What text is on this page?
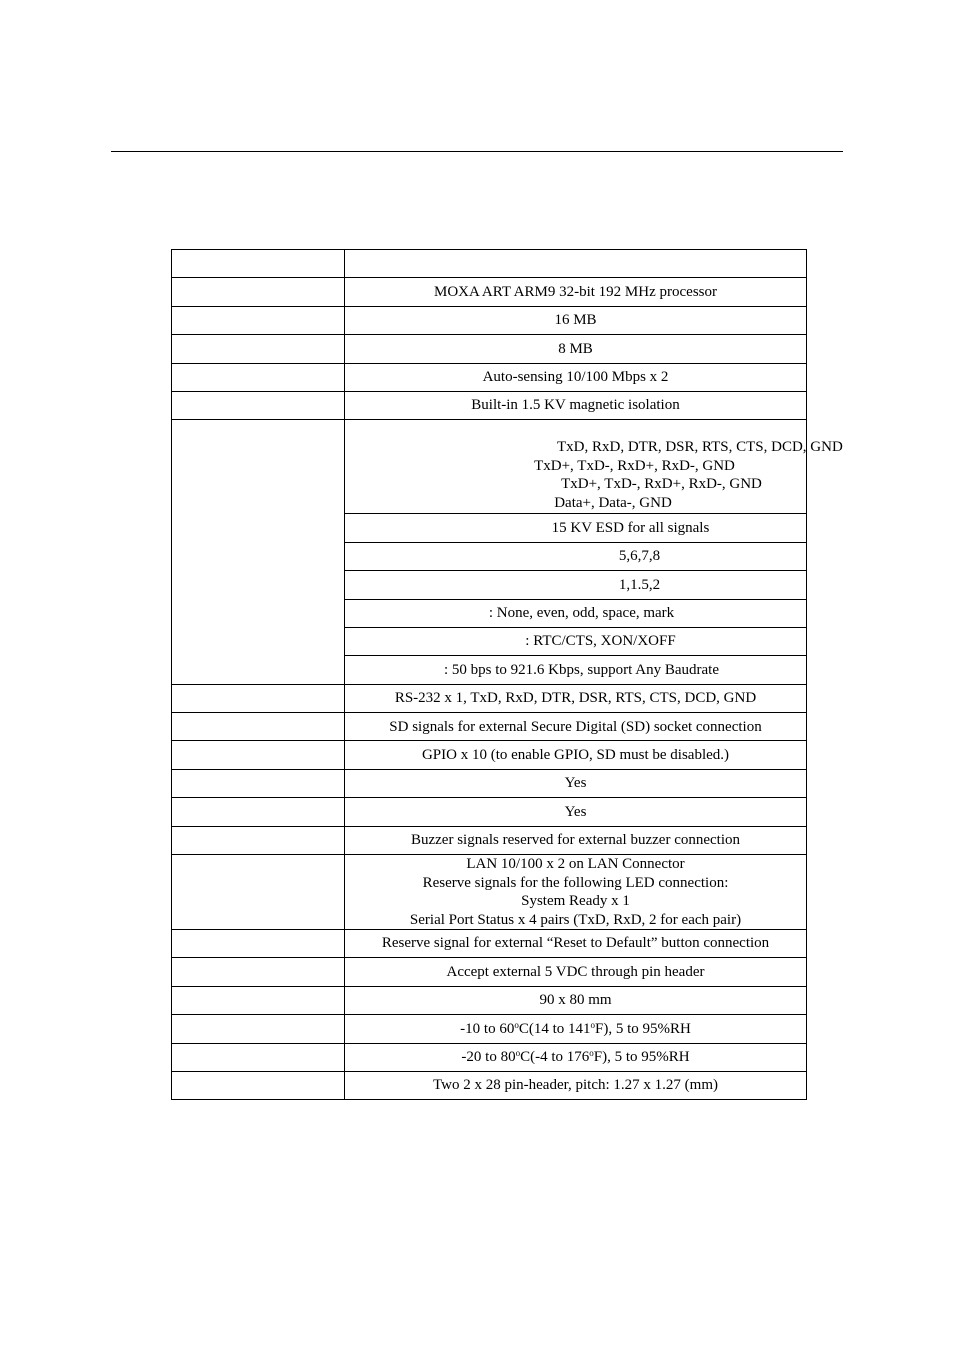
	MOXA ART ARM9 32-bit 192 MHz processor
	16 MB
	8 MB
	Auto-sensing 10/100 Mbps x 2
	Built-in 1.5 KV magnetic isolation

	TxD, RxD, DTR, DSR, RTS, CTS, DCD, GND
TxD+, TxD-, RxD+, RxD-, GND
TxD+, TxD-, RxD+, RxD-, GND
Data+, Data-, GND

	15 KV ESD for all signals

	5,6,7,8

	1,1.5,2

	: None, even, odd, space, mark

	: RTC/CTS, XON/XOFF

	: 50 bps to 921.6 Kbps, support Any Baudrate

	RS-232 x 1, TxD, RxD, DTR, DSR, RTS, CTS, DCD, GND
	SD signals for external Secure Digital (SD) socket connection
	GPIO x 10 (to enable GPIO, SD must be disabled.)
	Yes
	Yes
	Buzzer signals reserved for external buzzer connection

	LAN 10/100 x 2 on LAN Connector
Reserve signals for the following LED connection:
System Ready x 1
Serial Port Status x 4 pairs (TxD, RxD, 2 for each pair)

	Reserve signal for external “Reset to Default” button connection
	Accept external 5 VDC through pin header
	90 x 80 mm
	-10 to 60$^o$C(14 to 141$^o$F), 5 to 95%RH
	-20 to 80$^o$C(-4 to 176$^o$F), 5 to 95%RH
	Two 2 x 28 pin-header, pitch: 1.27 x 1.27 (mm)
